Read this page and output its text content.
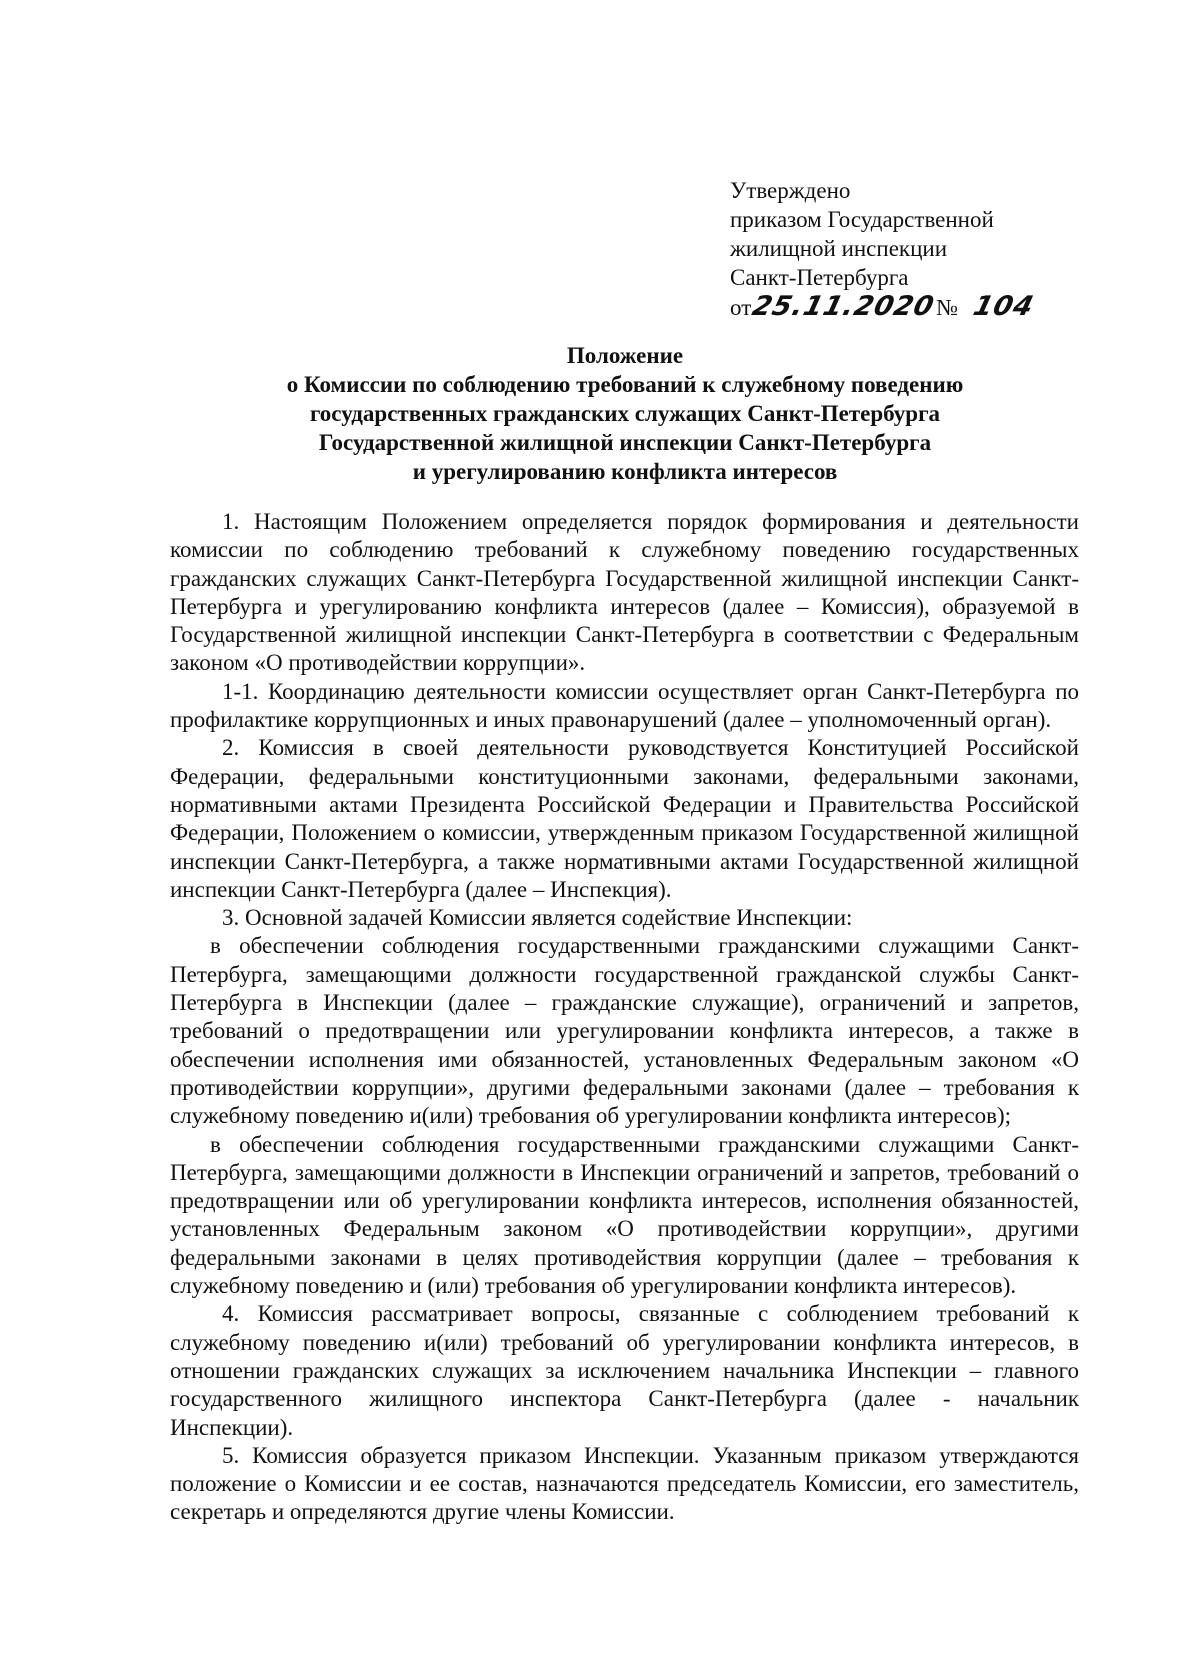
Утверждено
приказом Государственной
жилищной инспекции
Санкт-Петербурга
от25.11.2020№ 104
Положение
о Комиссии по соблюдению требований к служебному поведению
государственных гражданских служащих Санкт-Петербурга
Государственной жилищной инспекции Санкт-Петербурга
и урегулированию конфликта интересов

1. Настоящим Положением определяется порядок формирования и деятельности комиссии по соблюдению требований к служебному поведению государственных гражданских служащих Санкт-Петербурга Государственной жилищной инспекции Санкт-Петербурга и урегулированию конфликта интересов (далее – Комиссия), образуемой в Государственной жилищной инспекции Санкт-Петербурга в соответствии с Федеральным законом «О противодействии коррупции».

1-1. Координацию деятельности комиссии осуществляет орган Санкт-Петербурга по профилактике коррупционных и иных правонарушений (далее – уполномоченный орган).

2. Комиссия в своей деятельности руководствуется Конституцией Российской Федерации, федеральными конституционными законами, федеральными законами, нормативными актами Президента Российской Федерации и Правительства Российской Федерации, Положением о комиссии, утвержденным приказом Государственной жилищной инспекции Санкт-Петербурга, а также нормативными актами Государственной жилищной инспекции Санкт-Петербурга (далее – Инспекция).

3. Основной задачей Комиссии является содействие Инспекции:

в обеспечении соблюдения государственными гражданскими служащими Санкт-Петербурга, замещающими должности государственной гражданской службы Санкт-Петербурга в Инспекции (далее – гражданские служащие), ограничений и запретов, требований о предотвращении или урегулировании конфликта интересов, а также в обеспечении исполнения ими обязанностей, установленных Федеральным законом «О противодействии коррупции», другими федеральными законами (далее – требования к служебному поведению и(или) требования об урегулировании конфликта интересов);

в обеспечении соблюдения государственными гражданскими служащими Санкт-Петербурга, замещающими должности в Инспекции ограничений и запретов, требований о предотвращении или об урегулировании конфликта интересов, исполнения обязанностей, установленных Федеральным законом «О противодействии коррупции», другими федеральными законами в целях противодействия коррупции (далее – требования к служебному поведению и (или) требования об урегулировании конфликта интересов).

4. Комиссия рассматривает вопросы, связанные с соблюдением требований к служебному поведению и(или) требований об урегулировании конфликта интересов, в отношении гражданских служащих за исключением начальника Инспекции – главного государственного жилищного инспектора Санкт-Петербурга (далее - начальник Инспекции).

5. Комиссия образуется приказом Инспекции. Указанным приказом утверждаются положение о Комиссии и ее состав, назначаются председатель Комиссии, его заместитель, секретарь и определяются другие члены Комиссии.
